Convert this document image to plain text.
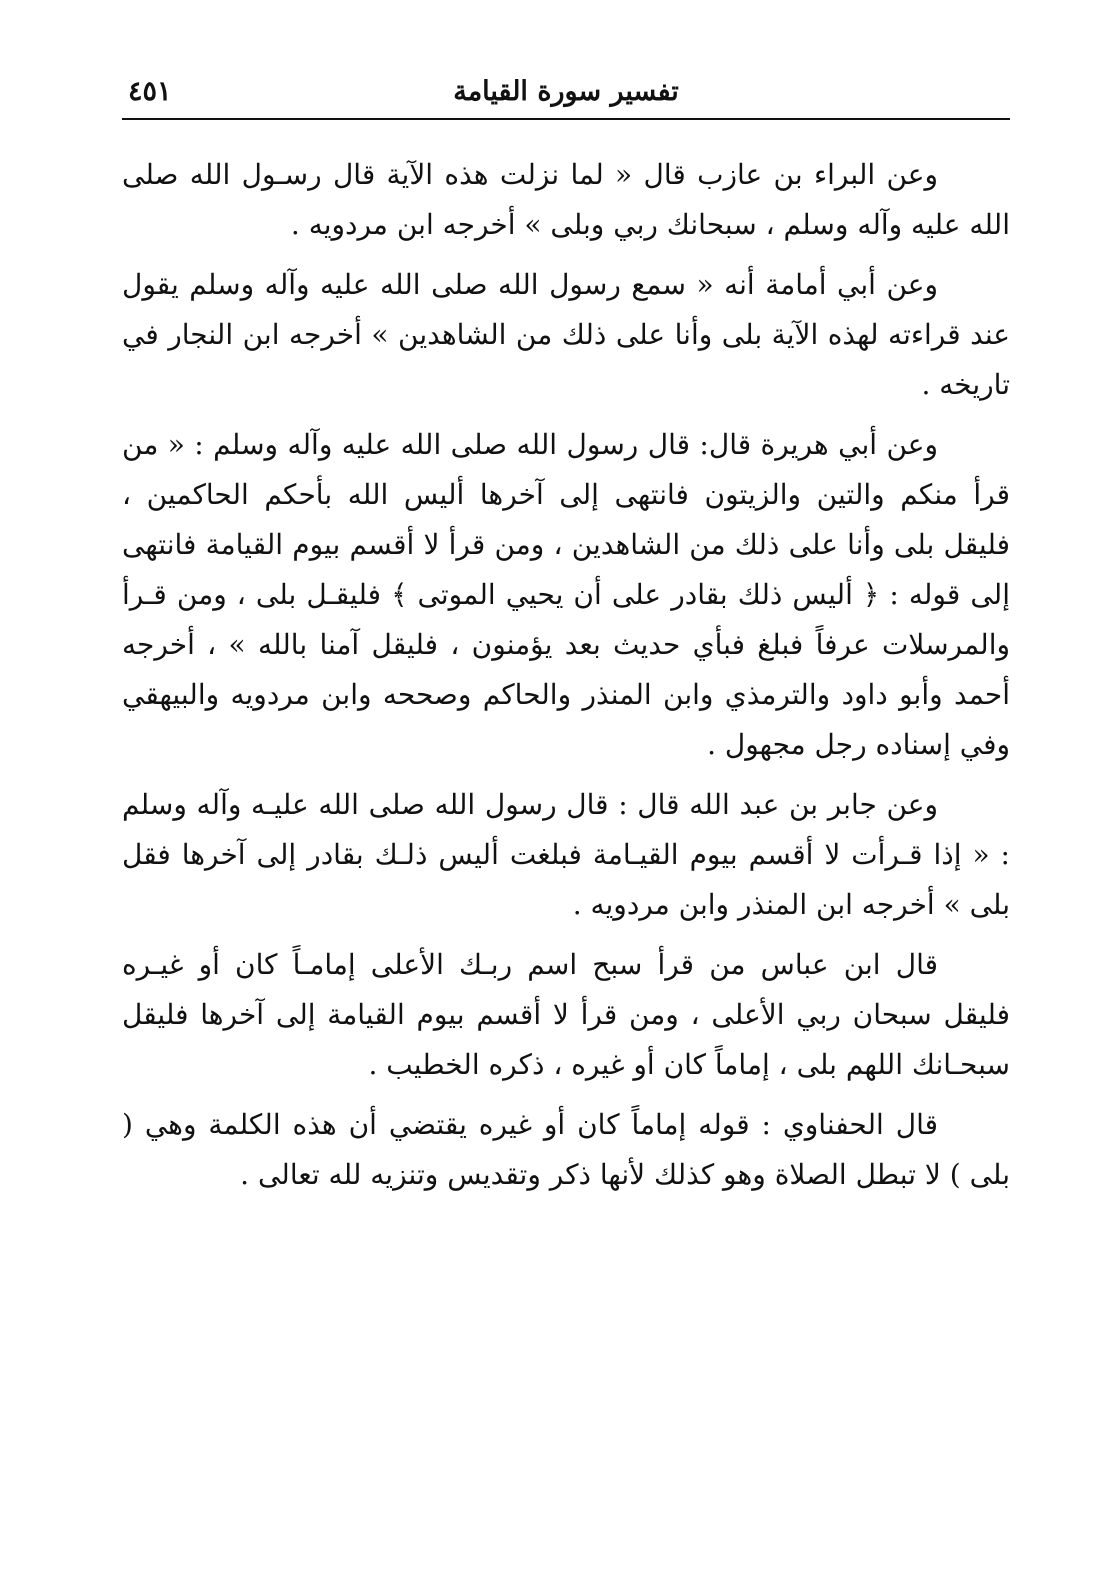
تفسير سورة القيامة
٤٥١

وعن البراء بن عازب قال « لما نزلت هذه الآية قال رسـول الله صلى الله عليه وآله وسلم ، سبحانك ربي وبلى » أخرجه ابن مردويه .

وعن أبي أمامة أنه « سمع رسول الله صلى الله عليه وآله وسلم يقول عند قراءته لهذه الآية بلى وأنا على ذلك من الشاهدين » أخرجه ابن النجار في تاريخه .

وعن أبي هريرة قال: قال رسول الله صلى الله عليه وآله وسلم : « من قرأ منكم والتين والزيتون فانتهى إلى آخرها أليس الله بأحكم الحاكمين ، فليقل بلى وأنا على ذلك من الشاهدين ، ومن قرأ لا أقسم بيوم القيامة فانتهى إلى قوله : ﴿ أليس ذلك بقادر على أن يحيي الموتى ﴾ فليقـل بلى ، ومن قـرأ والمرسلات عرفاً فبلغ فبأي حديث بعد يؤمنون ، فليقل آمنا بالله » ، أخرجه أحمد وأبو داود والترمذي وابن المنذر والحاكم وصححه وابن مردويه والبيهقي وفي إسناده رجل مجهول .

وعن جابر بن عبد الله قال : قال رسول الله صلى الله عليـه وآله وسلم : « إذا قـرأت لا أقسم بيوم القيـامة فبلغت أليس ذلـك بقادر إلى آخرها فقل بلى » أخرجه ابن المنذر وابن مردويه .

قال ابن عباس من قرأ سبح اسم ربـك الأعلى إمامـاً كان أو غيـره فليقل سبحان ربي الأعلى ، ومن قرأ لا أقسم بيوم القيامة إلى آخرها فليقل سبحـانك اللهم بلى ، إماماً كان أو غيره ، ذكره الخطيب .

قال الحفناوي : قوله إماماً كان أو غيره يقتضي أن هذه الكلمة وهي ( بلى ) لا تبطل الصلاة وهو كذلك لأنها ذكر وتقديس وتنزيه لله تعالى .
